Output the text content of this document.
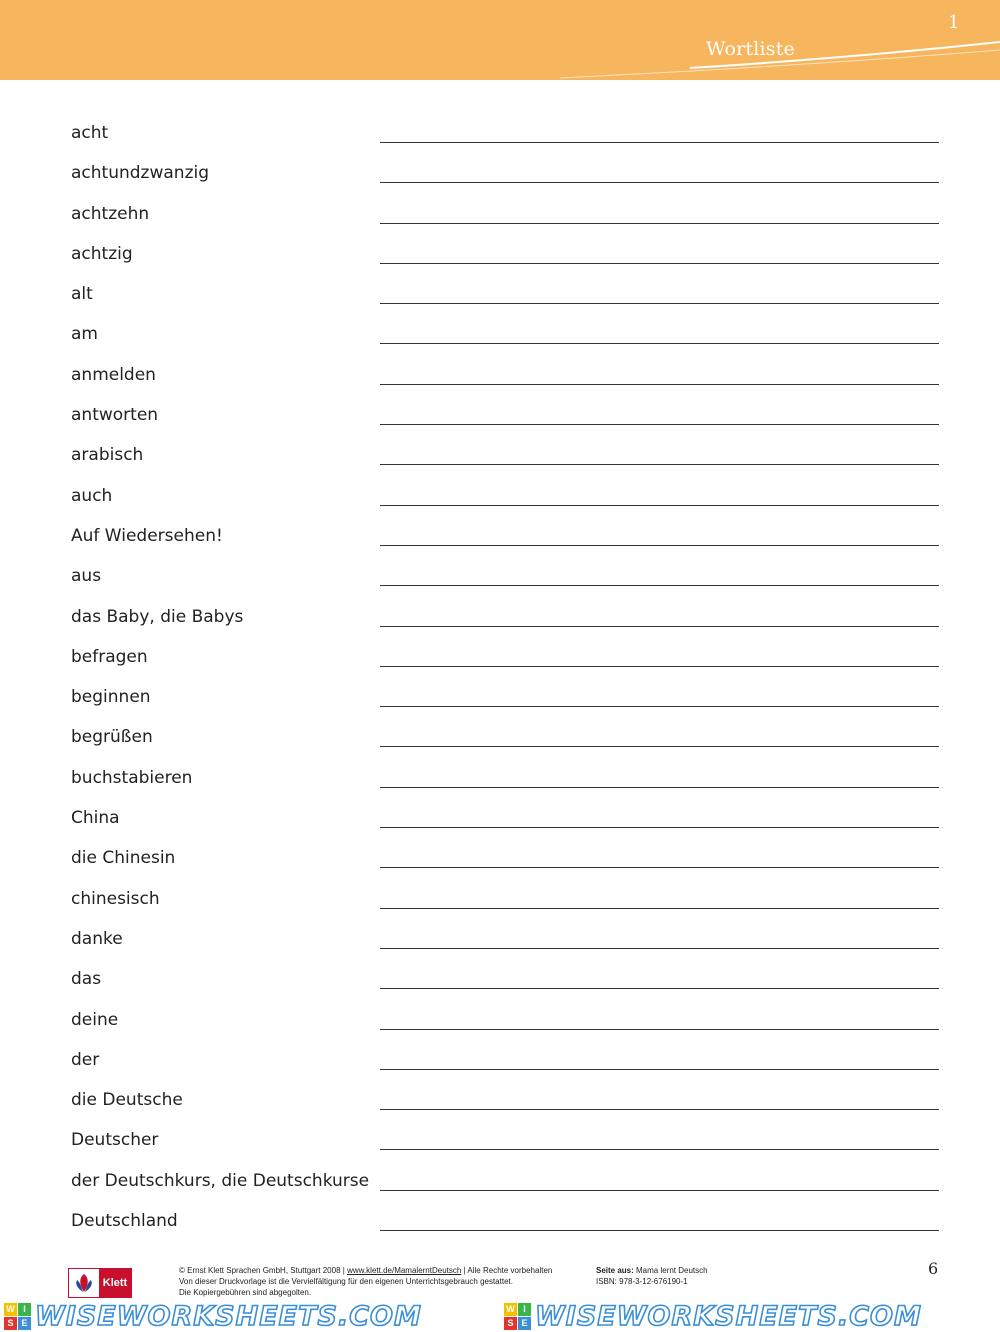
1
Wortliste
acht
achtundzwanzig
achtzehn
achtzig
alt
am
anmelden
antworten
arabisch
auch
Auf Wiedersehen!
aus
das Baby, die Babys
befragen
beginnen
begrüßen
buchstabieren
China
die Chinesin
chinesisch
danke
das
deine
der
die Deutsche
Deutscher
der Deutschkurs, die Deutschkurse
Deutschland
Klett
© Ernst Klett Sprachen GmbH, Stuttgart 2008 | www.klett.de/MamalerntDeutsch | Alle Rechte vorbehalten
Von dieser Druckvorlage ist die Vervielfältigung für den eigenen Unterrichtsgebrauch gestattet.
Die Kopiergebühren sind abgegolten.
Seite aus: Mama lernt Deutsch
ISBN: 978-3-12-676190-1
6
W I
S E WISEWORKSHEETS.COM	W I
S E WISEWORKSHEETS.COM
